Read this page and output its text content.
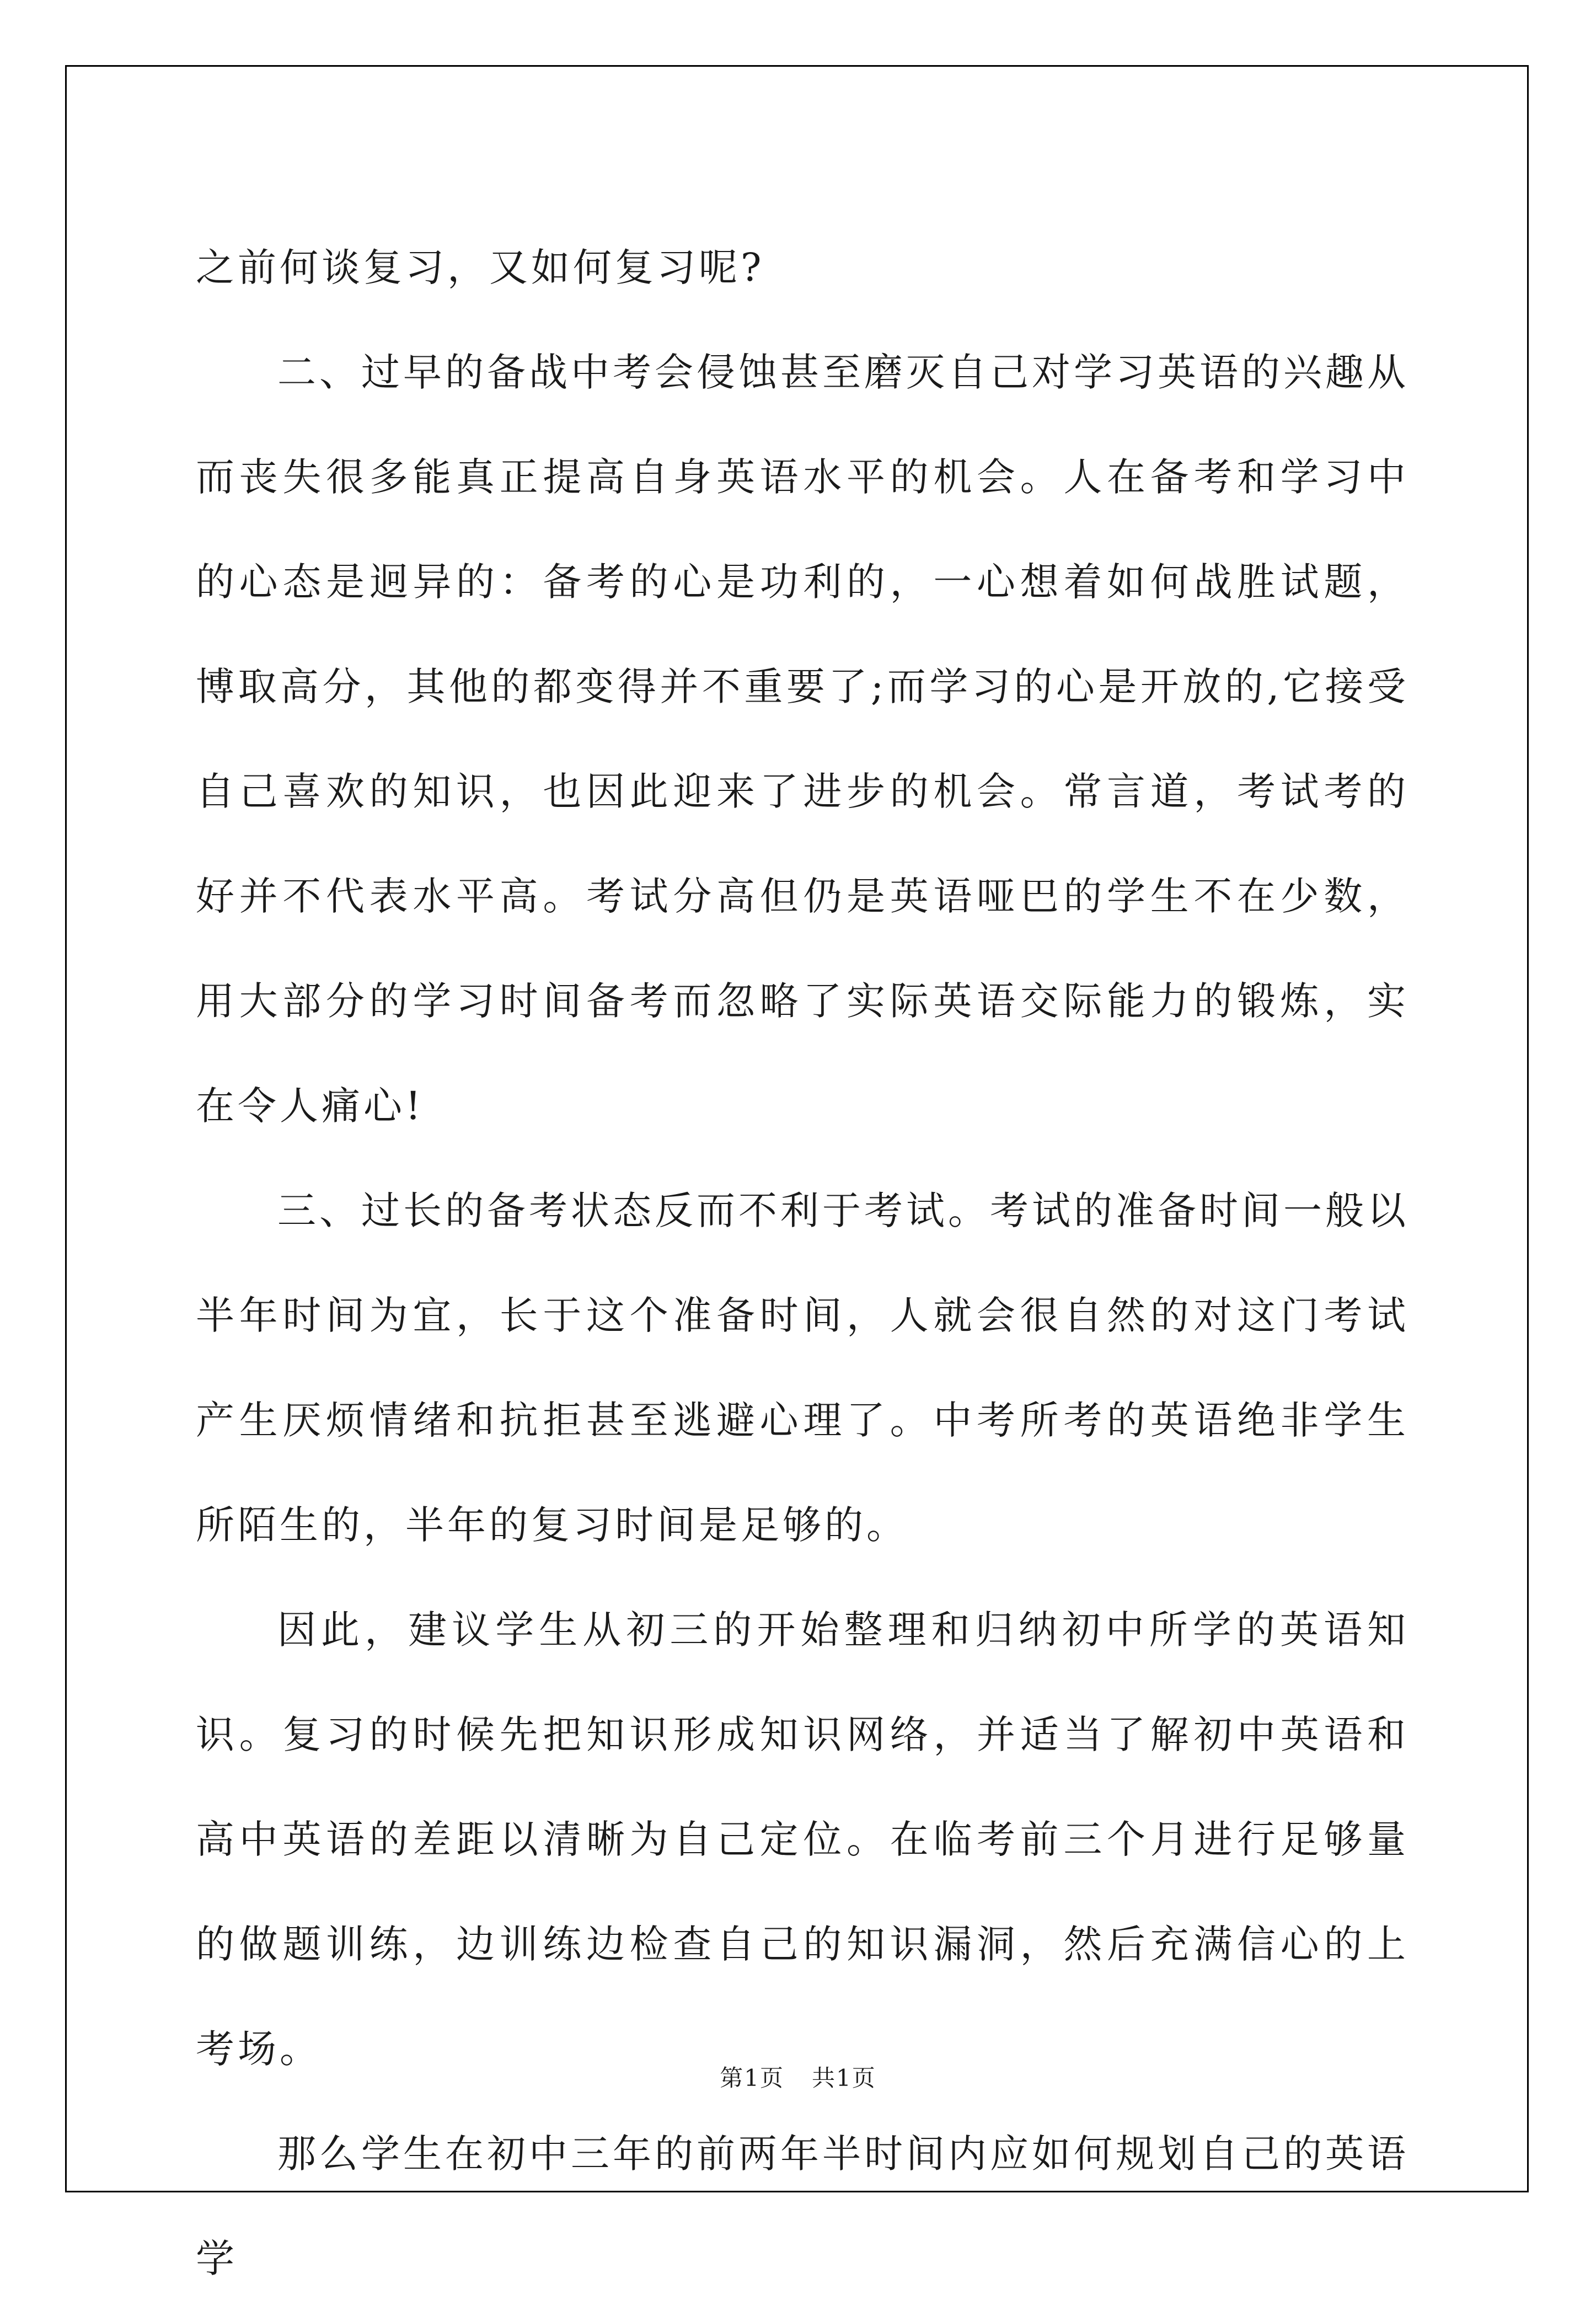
之前何谈复习，又如何复习呢?

二、过早的备战中考会侵蚀甚至磨灭自己对学习英语的兴趣从而丧失很多能真正提高自身英语水平的机会。人在备考和学习中的心态是迥异的：备考的心是功利的，一心想着如何战胜试题，博取高分，其他的都变得并不重要了;而学习的心是开放的,它接受自己喜欢的知识，也因此迎来了进步的机会。常言道，考试考的好并不代表水平高。考试分高但仍是英语哑巴的学生不在少数，用大部分的学习时间备考而忽略了实际英语交际能力的锻炼，实在令人痛心!

三、过长的备考状态反而不利于考试。考试的准备时间一般以半年时间为宜，长于这个准备时间，人就会很自然的对这门考试产生厌烦情绪和抗拒甚至逃避心理了。中考所考的英语绝非学生所陌生的，半年的复习时间是足够的。

因此，建议学生从初三的开始整理和归纳初中所学的英语知识。复习的时候先把知识形成知识网络，并适当了解初中英语和高中英语的差距以清晰为自己定位。在临考前三个月进行足够量的做题训练，边训练边检查自己的知识漏洞，然后充满信心的上考场。

那么学生在初中三年的前两年半时间内应如何规划自己的英语学

第1页 共1页
